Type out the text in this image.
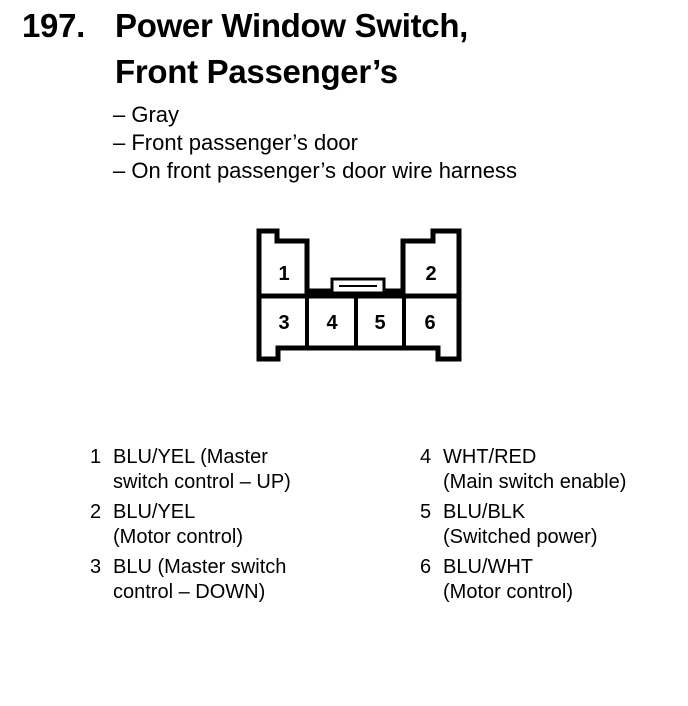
197. Power Window Switch,
Front Passenger’s
– Gray
– Front passenger’s door
– On front passenger’s door wire harness
1	2
3 4 5 6
1 BLU/YEL (Master
switch control – UP)
2 BLU/YEL
(Motor control)
3 BLU (Master switch
control – DOWN)
4 WHT/RED
(Main switch enable)
5 BLU/BLK
(Switched power)
6 BLU/WHT
(Motor control)
